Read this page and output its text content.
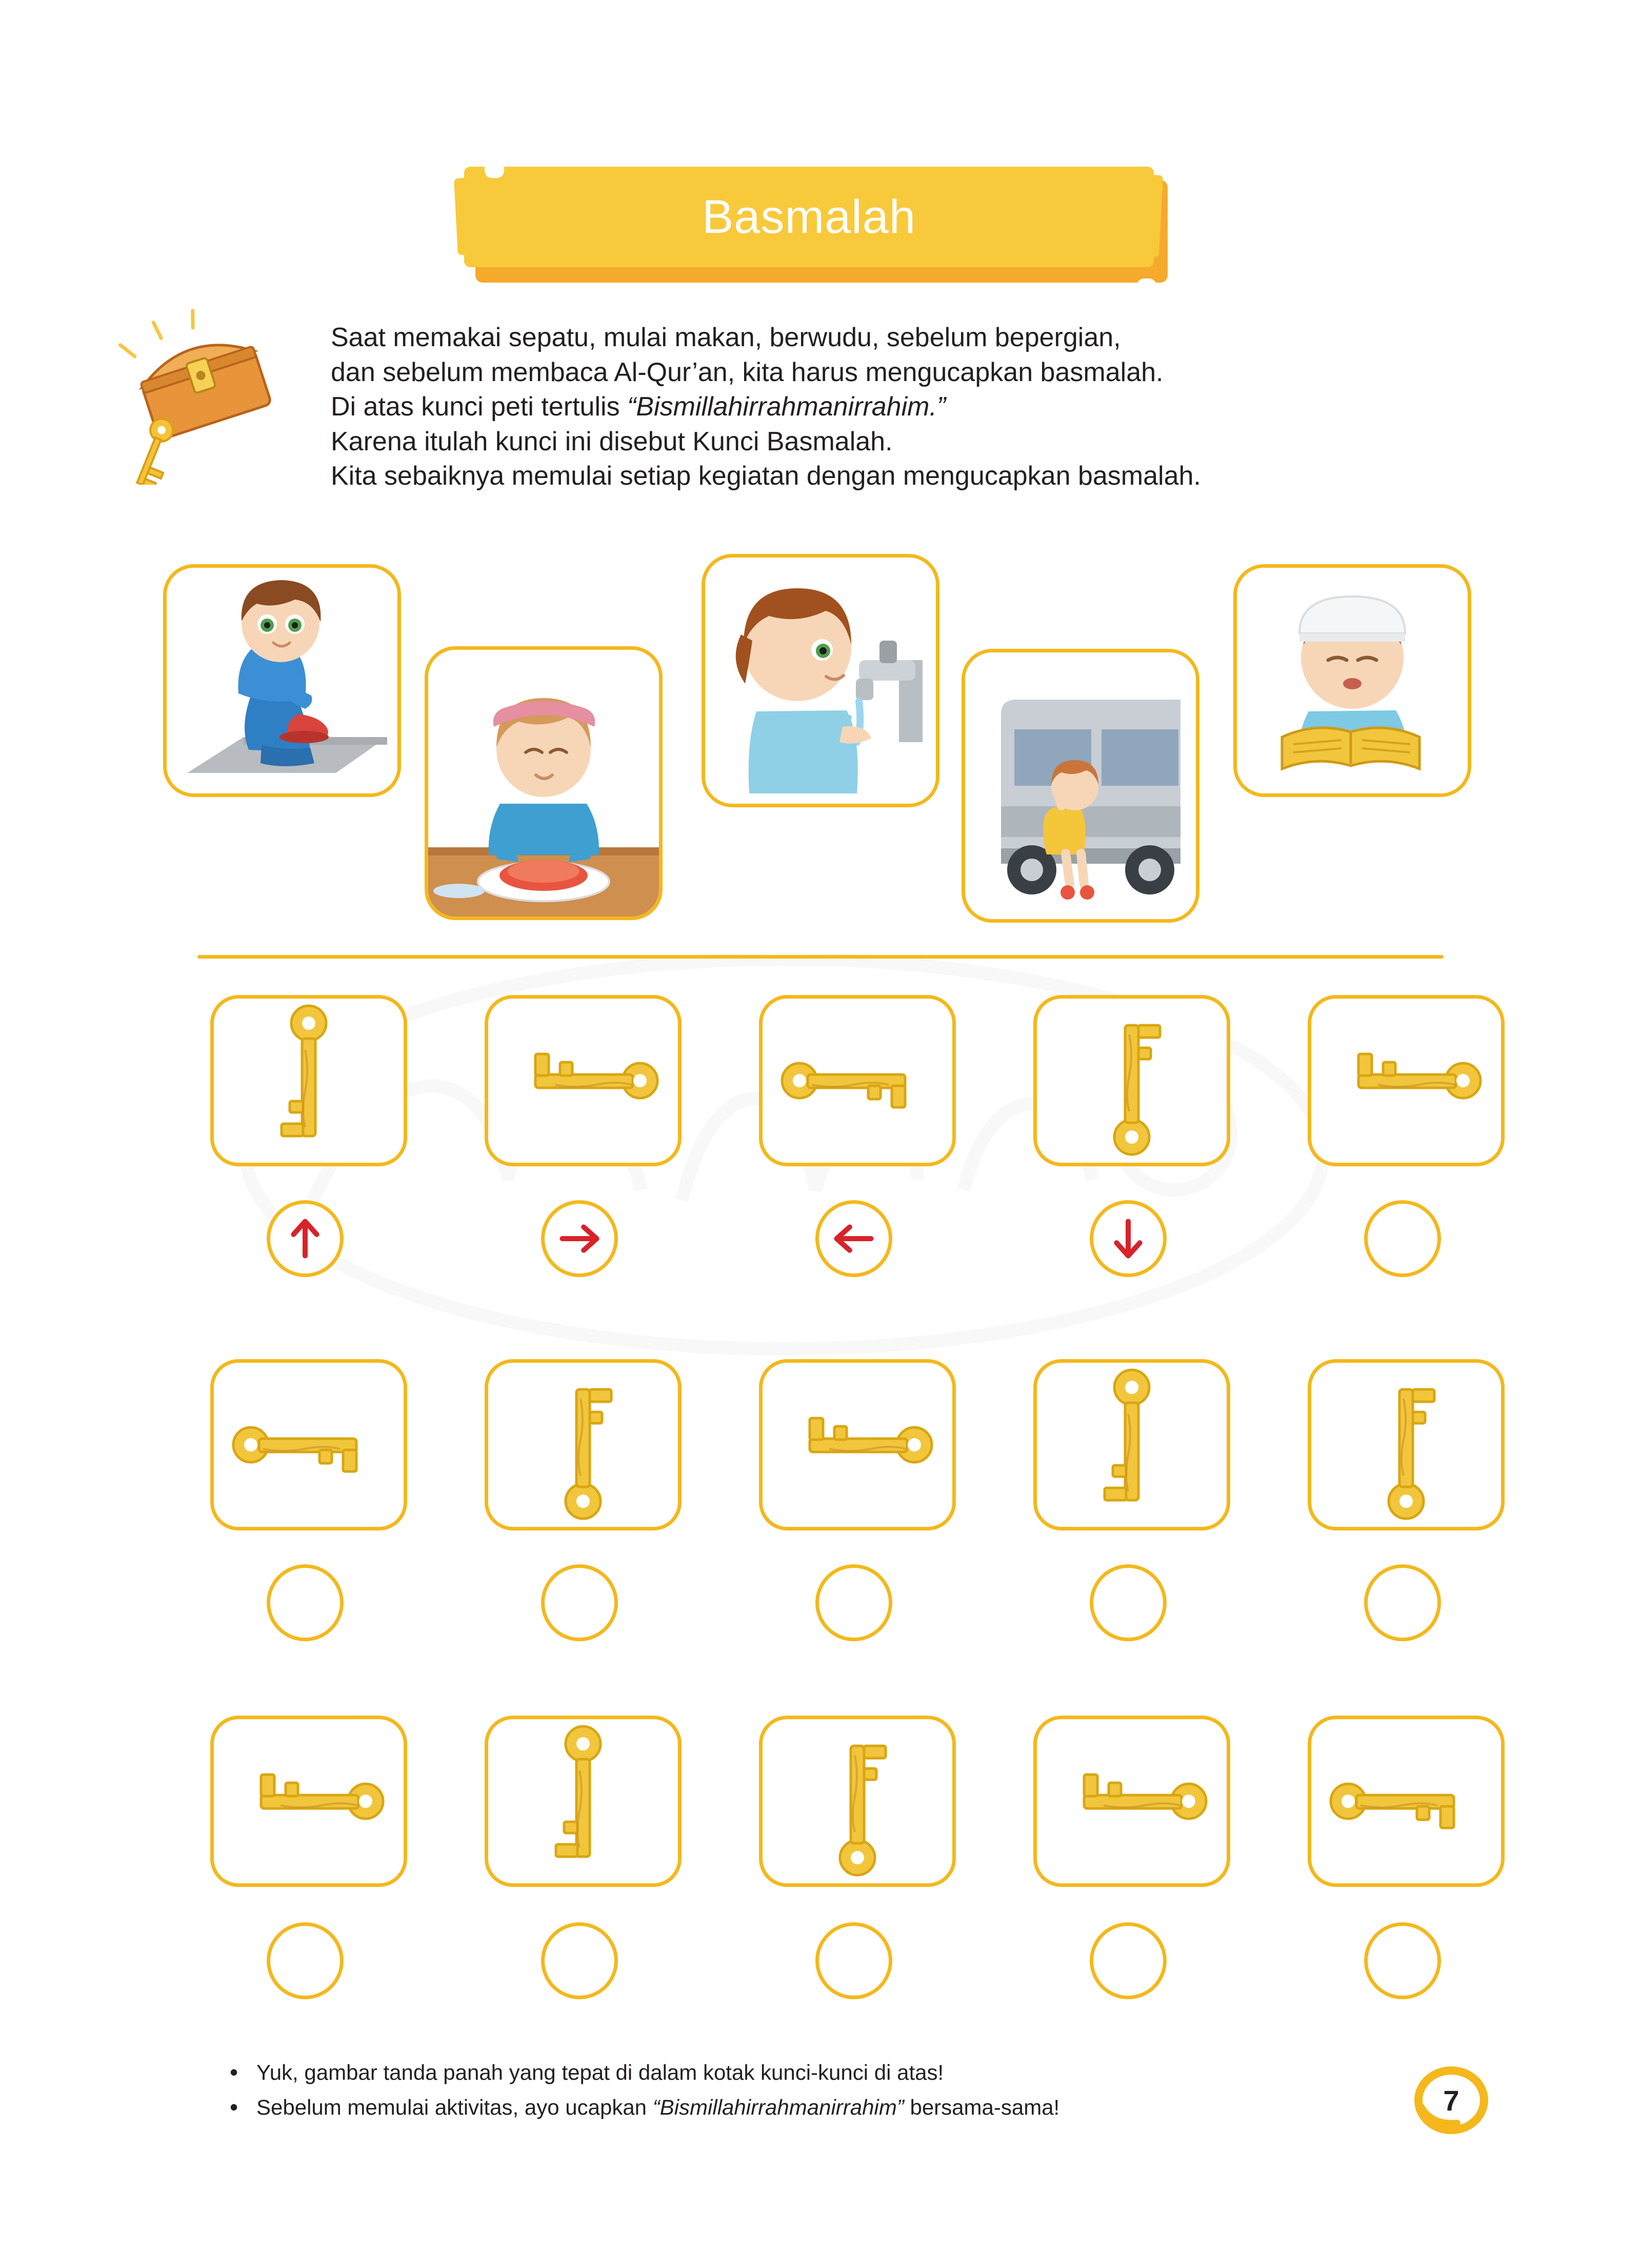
Basmalah
Saat memakai sepatu, mulai makan, berwudu, sebelum bepergian,
dan sebelum membaca Al-Qur’an, kita harus mengucapkan basmalah.
Di atas kunci peti tertulis “Bismillahirrahmanirrahim.”
Karena itulah kunci ini disebut Kunci Basmalah.
Kita sebaiknya memulai setiap kegiatan dengan mengucapkan basmalah.
• Yuk, gambar tanda panah yang tepat di dalam kotak kunci-kunci di atas!
• Sebelum memulai aktivitas, ayo ucapkan “Bismillahirrahmanirrahim” bersama-sama!	7
